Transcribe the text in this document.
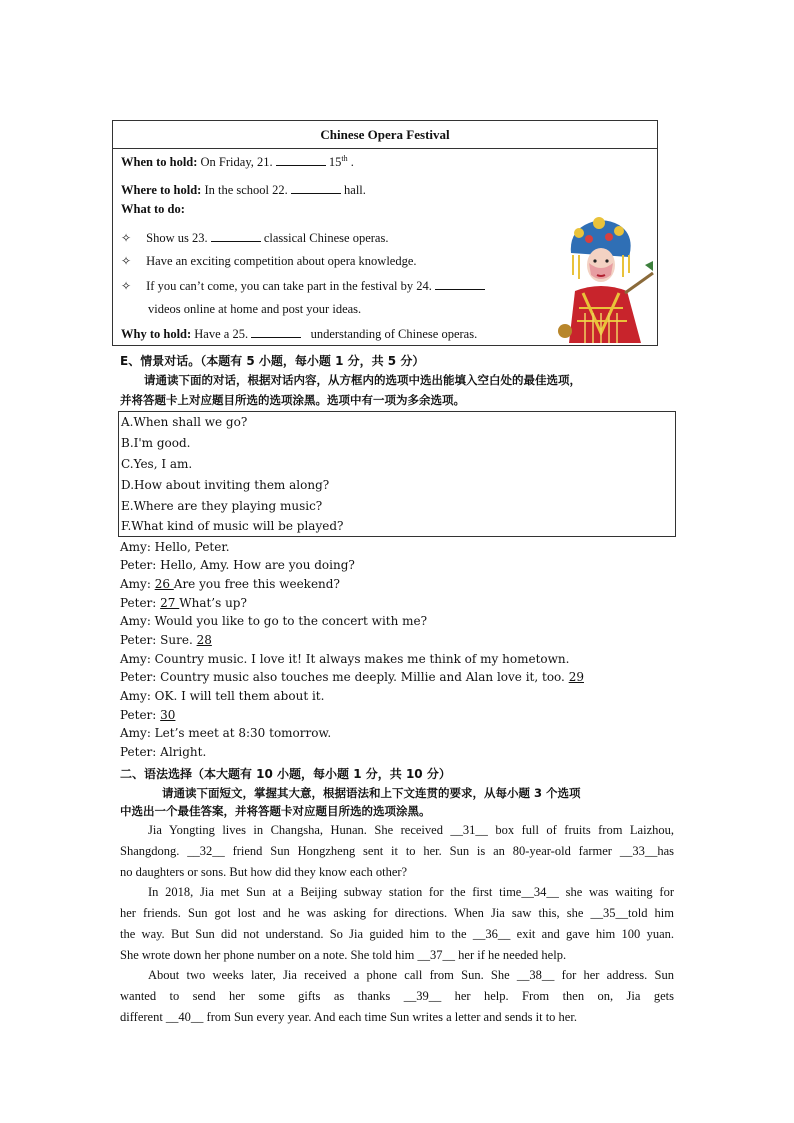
Chinese Opera Festival
When to hold: On Friday, 21.	15th .
Where to hold: In the school 22.	hall.
What to do:
✧ Show us 23.	classical Chinese operas.
✧ Have an exciting competition about opera knowledge.
✧ If you can’t come, you can take part in the festival by 24.
videos online at home and post your ideas.
Why to hold: Have a 25.	understanding of Chinese operas.
E、情景对话。（本题有 5 小题，每小题 1 分，共 5 分）
请通读下面的对话，根据对话内容，从方框内的选项中选出能填入空白处的最佳选项，
并将答题卡上对应题目所选的选项涂黑。选项中有一项为多余选项。
A.When shall we go?
B.I'm good.
C.Yes, I am.
D.How about inviting them along?
E.Where are they playing music?
F.What kind of music will be played?
Amy: Hello, Peter.
Peter: Hello, Amy. How are you doing?
Amy: 26 Are you free this weekend?
Peter: 27 What’s up?
Amy: Would you like to go to the concert with me?
Peter: Sure. 28
Amy: Country music. I love it! It always makes me think of my hometown.
Peter: Country music also touches me deeply. Millie and Alan love it, too. 29
Amy: OK. I will tell them about it.
Peter: 30
Amy: Let’s meet at 8:30 tomorrow.
Peter: Alright.
二、语法选择（本大题有 10 小题，每小题 1 分，共 10 分）
请通读下面短文，掌握其大意，根据语法和上下文连贯的要求，从每小题 3 个选项
中选出一个最佳答案，并将答题卡对应题目所选的选项涂黑。
Jia Yongting lives in Changsha, Hunan. She received __31__ box full of fruits from Laizhou,
Shangdong. __32__ friend Sun Hongzheng sent it to her. Sun is an 80-year-old farmer __33__has
no daughters or sons. But how did they know each other?
In 2018, Jia met Sun at a Beijing subway station for the first time__34__ she was waiting for
her friends. Sun got lost and he was asking for directions. When Jia saw this, she __35__told him
the way. But Sun did not understand. So Jia guided him to the __36__ exit and gave him 100 yuan.
She wrote down her phone number on a note. She told him __37__ her if he needed help.
About two weeks later, Jia received a phone call from Sun. She __38__ for her address. Sun
wanted to send her some gifts as thanks __39__ her help. From then on, Jia gets
different __40__ from Sun every year. And each time Sun writes a letter and sends it to her.
